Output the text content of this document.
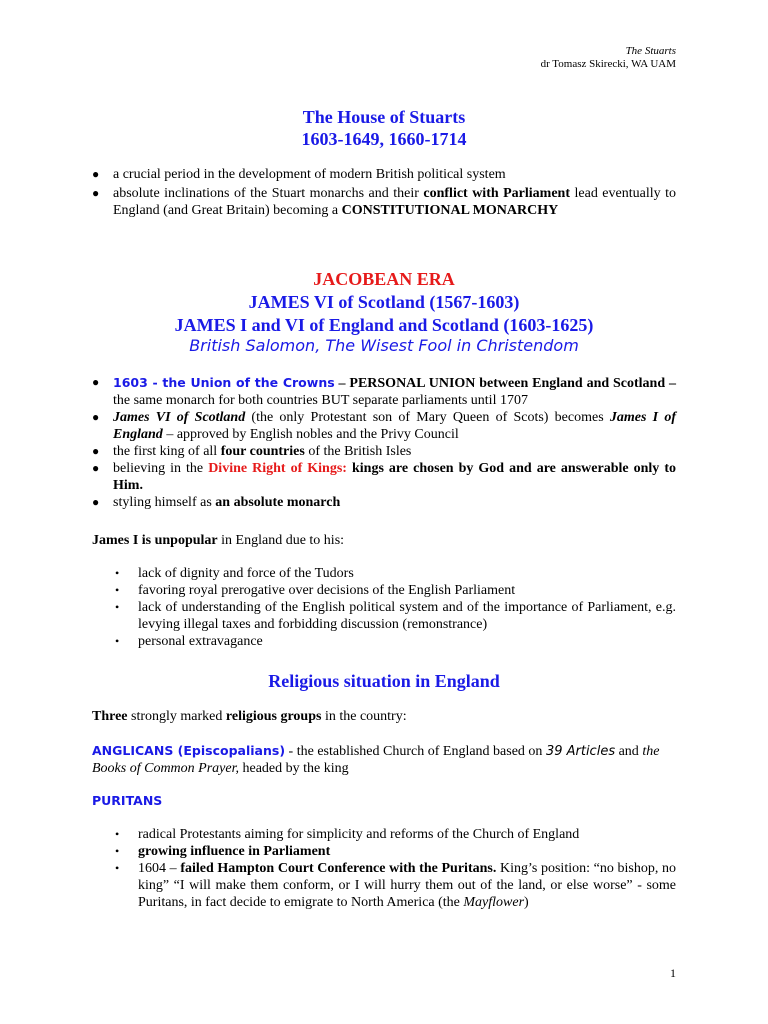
The Stuarts
dr Tomasz Skirecki, WA UAM
The House of Stuarts
1603-1649, 1660-1714
● a crucial period in the development of modern British political system
● absolute inclinations of the Stuart monarchs and their conflict with Parliament lead eventually to England (and Great Britain) becoming a CONSTITUTIONAL MONARCHY
JACOBEAN ERA
JAMES VI of Scotland (1567-1603)
JAMES I and VI of England and Scotland (1603-1625)
British Salomon, The Wisest Fool in Christendom
● 1603 - the Union of the Crowns – PERSONAL UNION between England and Scotland – the same monarch for both countries BUT separate parliaments until 1707
● James VI of Scotland (the only Protestant son of Mary Queen of Scots) becomes James I of England – approved by English nobles and the Privy Council
● the first king of all four countries of the British Isles
● believing in the Divine Right of Kings: kings are chosen by God and are answerable only to Him.
● styling himself as an absolute monarch
James I is unpopular in England due to his:
• lack of dignity and force of the Tudors
• favoring royal prerogative over decisions of the English Parliament
• lack of understanding of the English political system and of the importance of Parliament, e.g. levying illegal taxes and forbidding discussion (remonstrance)
• personal extravagance
Religious situation in England
Three strongly marked religious groups in the country:
ANGLICANS (Episcopalians) - the established Church of England based on 39 Articles and the Books of Common Prayer, headed by the king
PURITANS
• radical Protestants aiming for simplicity and reforms of the Church of England
• growing influence in Parliament
• 1604 – failed Hampton Court Conference with the Puritans. King’s position: “no bishop, no king” “I will make them conform, or I will hurry them out of the land, or else worse” - some Puritans, in fact decide to emigrate to North America (the Mayflower)
1
